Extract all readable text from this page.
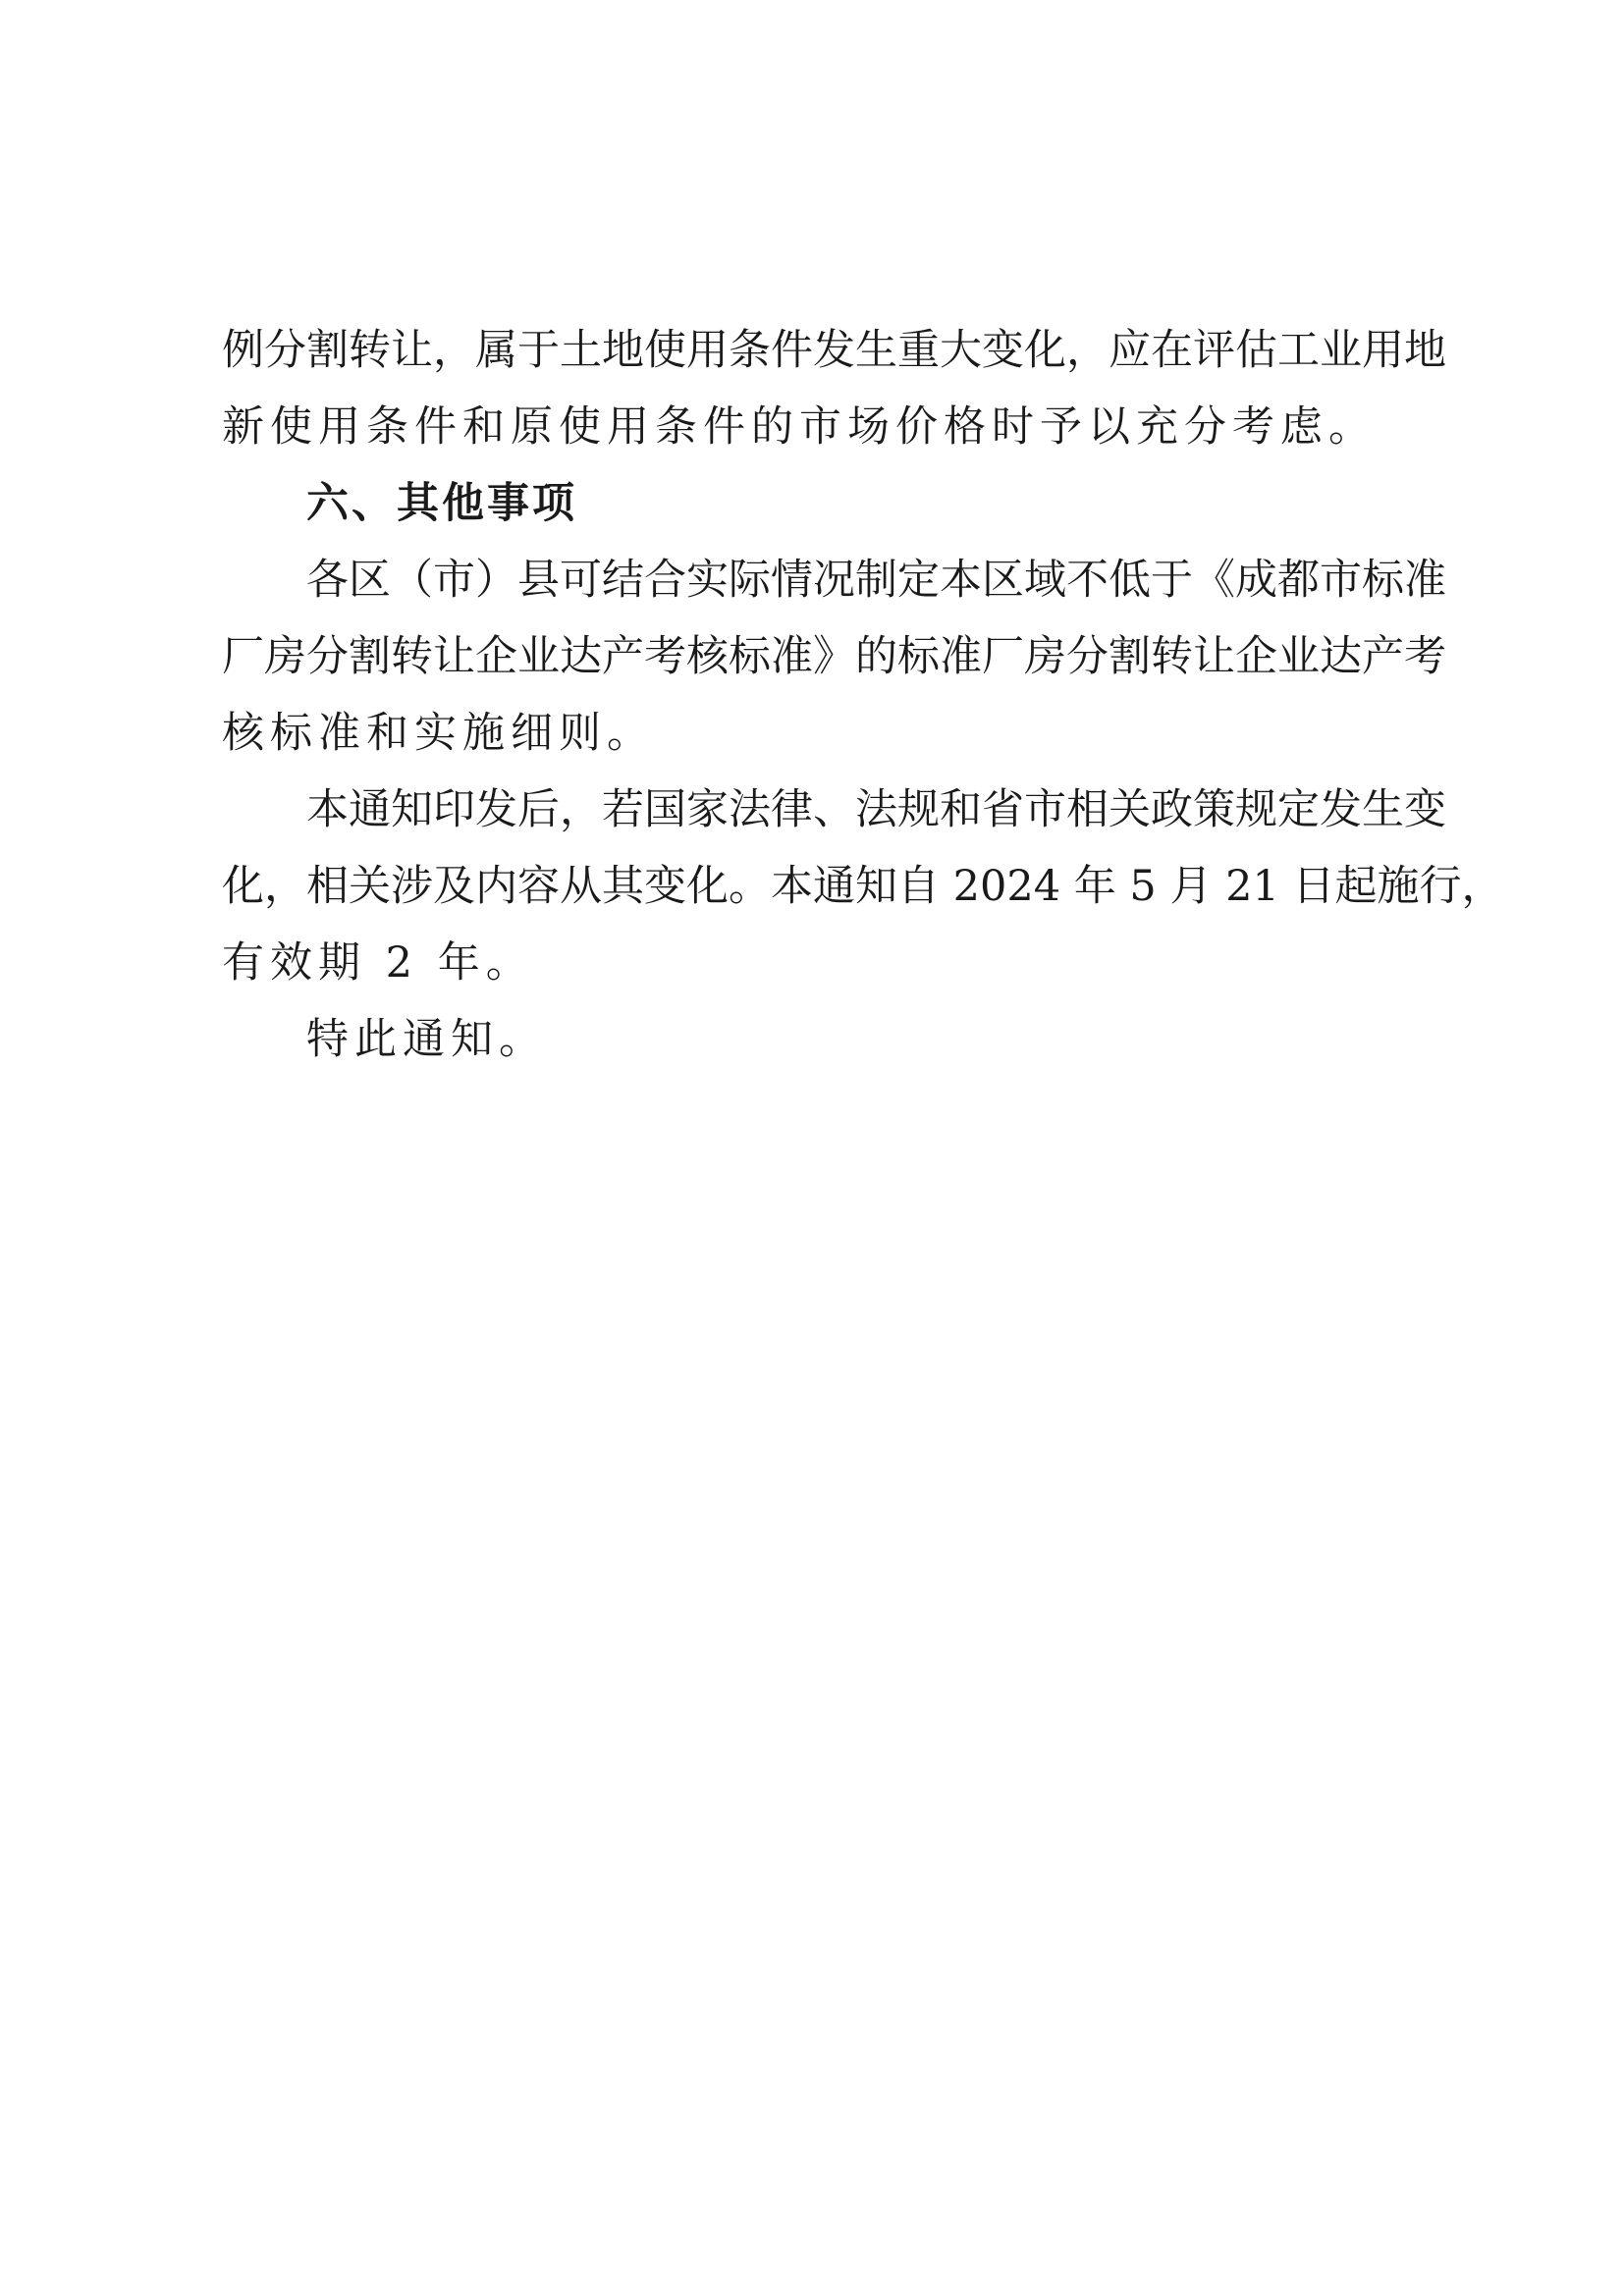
例分割转让，属于土地使用条件发生重大变化，应在评估工业用地
新使用条件和原使用条件的市场价格时予以充分考虑。
六、其他事项
各区（市）县可结合实际情况制定本区域不低于《成都市标准
厂房分割转让企业达产考核标准》的标准厂房分割转让企业达产考
核标准和实施细则。
本通知印发后，若国家法律、法规和省市相关政策规定发生变
化，相关涉及内容从其变化。本通知自 2024 年 5 月 21 日起施行，
有效期 2 年。
特此通知。
